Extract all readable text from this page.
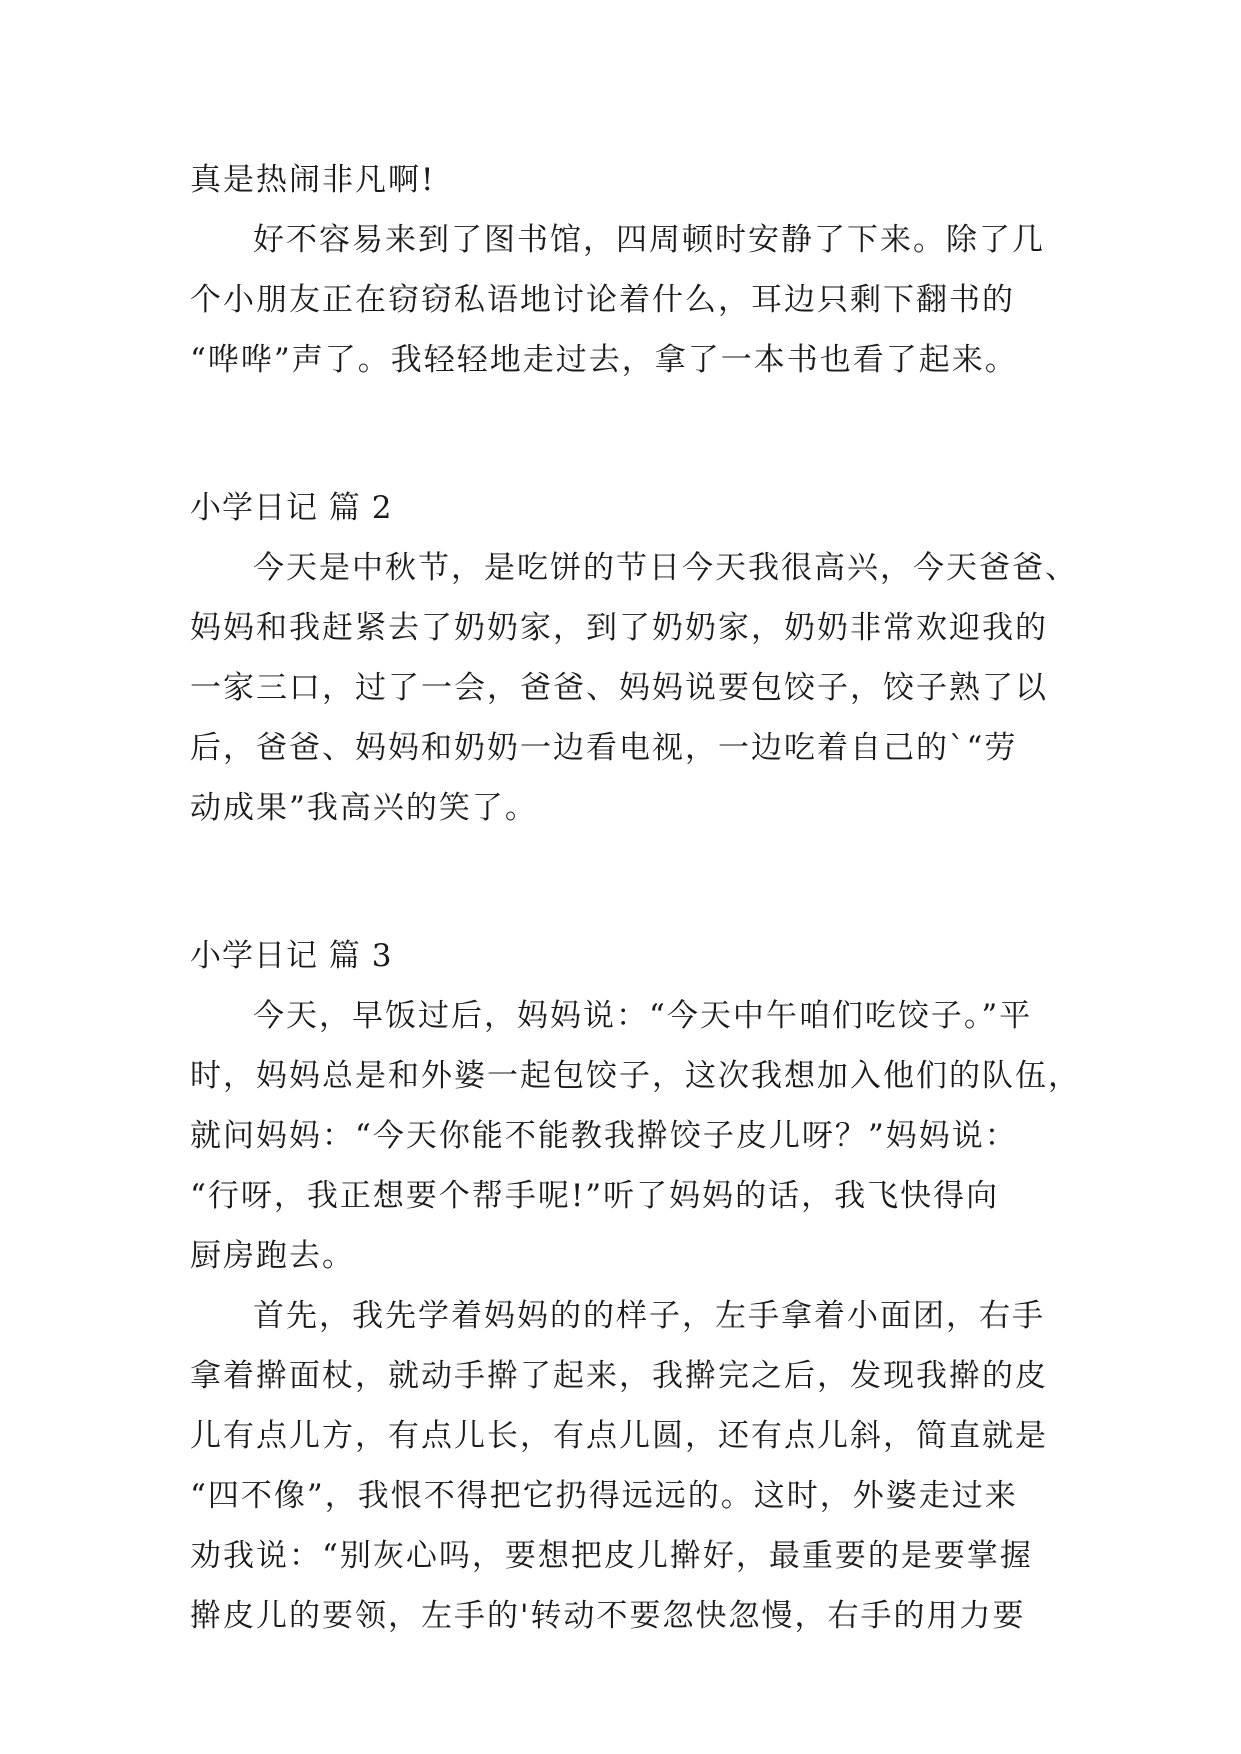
真是热闹非凡啊!
好不容易来到了图书馆，四周顿时安静了下来。除了几
个小朋友正在窃窃私语地讨论着什么，耳边只剩下翻书的
“哗哗”声了。我轻轻地走过去，拿了一本书也看了起来。
小学日记 篇 2
今天是中秋节，是吃饼的节日今天我很高兴，今天爸爸、
妈妈和我赶紧去了奶奶家，到了奶奶家，奶奶非常欢迎我的
一家三口，过了一会，爸爸、妈妈说要包饺子，饺子熟了以
后，爸爸、妈妈和奶奶一边看电视，一边吃着自己的`“劳
动成果”我高兴的笑了。
小学日记 篇 3
今天，早饭过后，妈妈说：“今天中午咱们吃饺子。”平
时，妈妈总是和外婆一起包饺子，这次我想加入他们的队伍，
就问妈妈：“今天你能不能教我擀饺子皮儿呀？”妈妈说：
“行呀，我正想要个帮手呢!”听了妈妈的话，我飞快得向
厨房跑去。
首先，我先学着妈妈的的样子，左手拿着小面团，右手
拿着擀面杖，就动手擀了起来，我擀完之后，发现我擀的皮
儿有点儿方，有点儿长，有点儿圆，还有点儿斜，简直就是
“四不像”，我恨不得把它扔得远远的。这时，外婆走过来
劝我说：“别灰心吗，要想把皮儿擀好，最重要的是要掌握
擀皮儿的要领，左手的'转动不要忽快忽慢，右手的用力要
